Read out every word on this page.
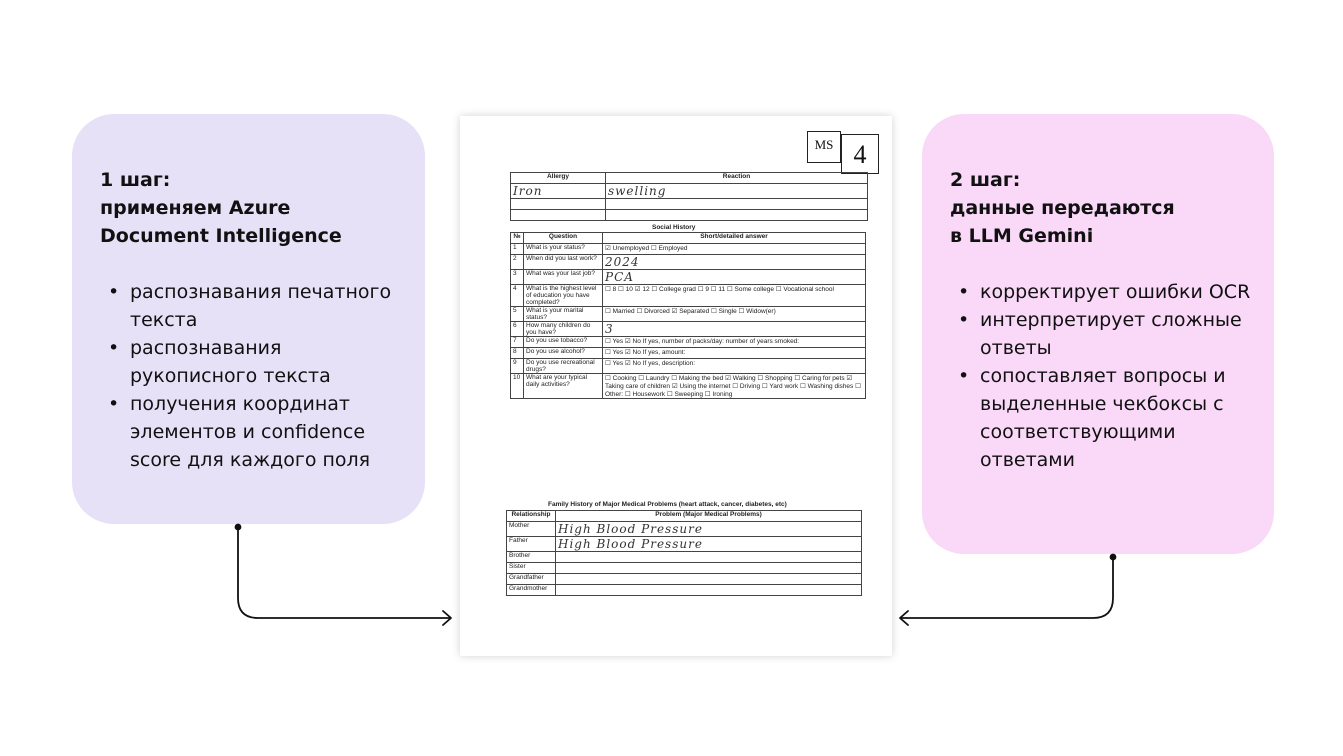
1 шаг:
применяем Azure
Document Intelligence
• распознавания печатного текста
• распознавания рукописного текста
• получения координат элементов и confidence score для каждого поля
2 шаг:
данные передаются
в LLM Gemini
• корректирует ошибки OCR
• интерпретирует сложные ответы
• сопоставляет вопросы и выделенные чекбоксы с соответствующими ответами
MS 4
Allergy	Reaction
Iron	swelling

Social History
№	Question	Short/detailed answer
1	What is your status?	☑ Unemployed ☐ Employed
2	When did you last work?	2024
3	What was your last job?	PCA
4	What is the highest level of education you have completed?	☐ 8 ☐ 10 ☑ 12 ☐ College grad ☐ 9 ☐ 11 ☐ Some college ☐ Vocational school
5	What is your marital status?	☐ Married ☐ Divorced ☑ Separated ☐ Single ☐ Widow(er)
6	How many children do you have?	3
7	Do you use tobacco?	☐ Yes ☑ No If yes, number of packs/day: number of years smoked:
8	Do you use alcohol?	☐ Yes ☑ No If yes, amount:
9	Do you use recreational drugs?	☐ Yes ☑ No If yes, description:
10	What are your typical daily activities?	☐ Cooking ☐ Laundry ☐ Making the bed ☑ Walking ☐ Shopping ☐ Caring for pets ☑ Taking care of children ☑ Using the internet ☐ Driving ☐ Yard work ☐ Washing dishes ☐ Other: ☐ Housework ☐ Sweeping ☐ Ironing
Family History of Major Medical Problems (heart attack, cancer, diabetes, etc)
Relationship	Problem (Major Medical Problems)
Mother	High Blood Pressure
Father	High Blood Pressure
Brother	
Sister	
Grandfather	
Grandmother	
